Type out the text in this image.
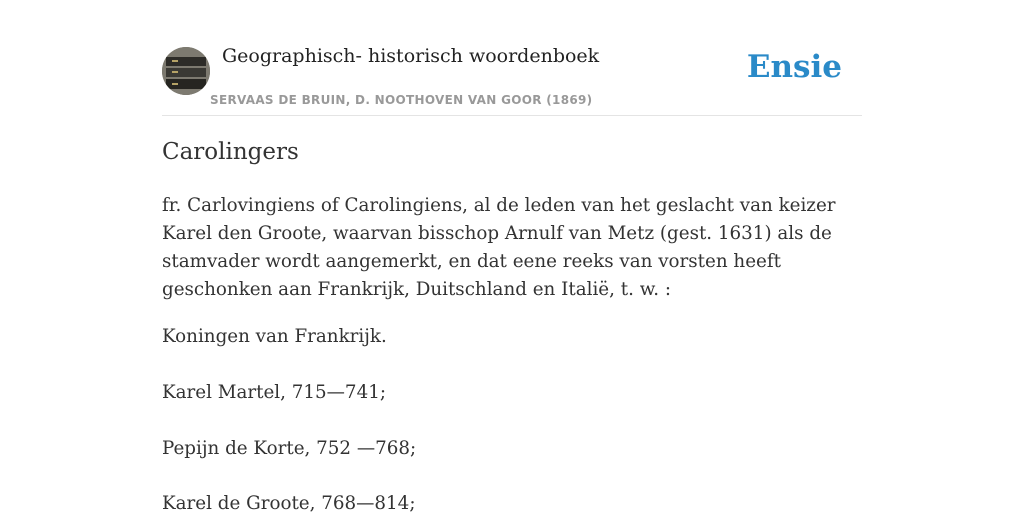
Geographisch- historisch woordenboek
SERVAAS DE BRUIN, D. NOOTHOVEN VAN GOOR (1869)
Ensie
Carolingers

fr. Carlovingiens of Carolingiens, al de leden van het geslacht van keizer Karel den Groote, waarvan bisschop Arnulf van Metz (gest. 1631) als de stamvader wordt aangemerkt, en dat eene reeks van vorsten heeft geschonken aan Frankrijk, Duitschland en Italië, t. w. :

Koningen van Frankrijk.

Karel Martel, 715—741;

Pepijn de Korte, 752 —768;

Karel de Groote, 768—814;
